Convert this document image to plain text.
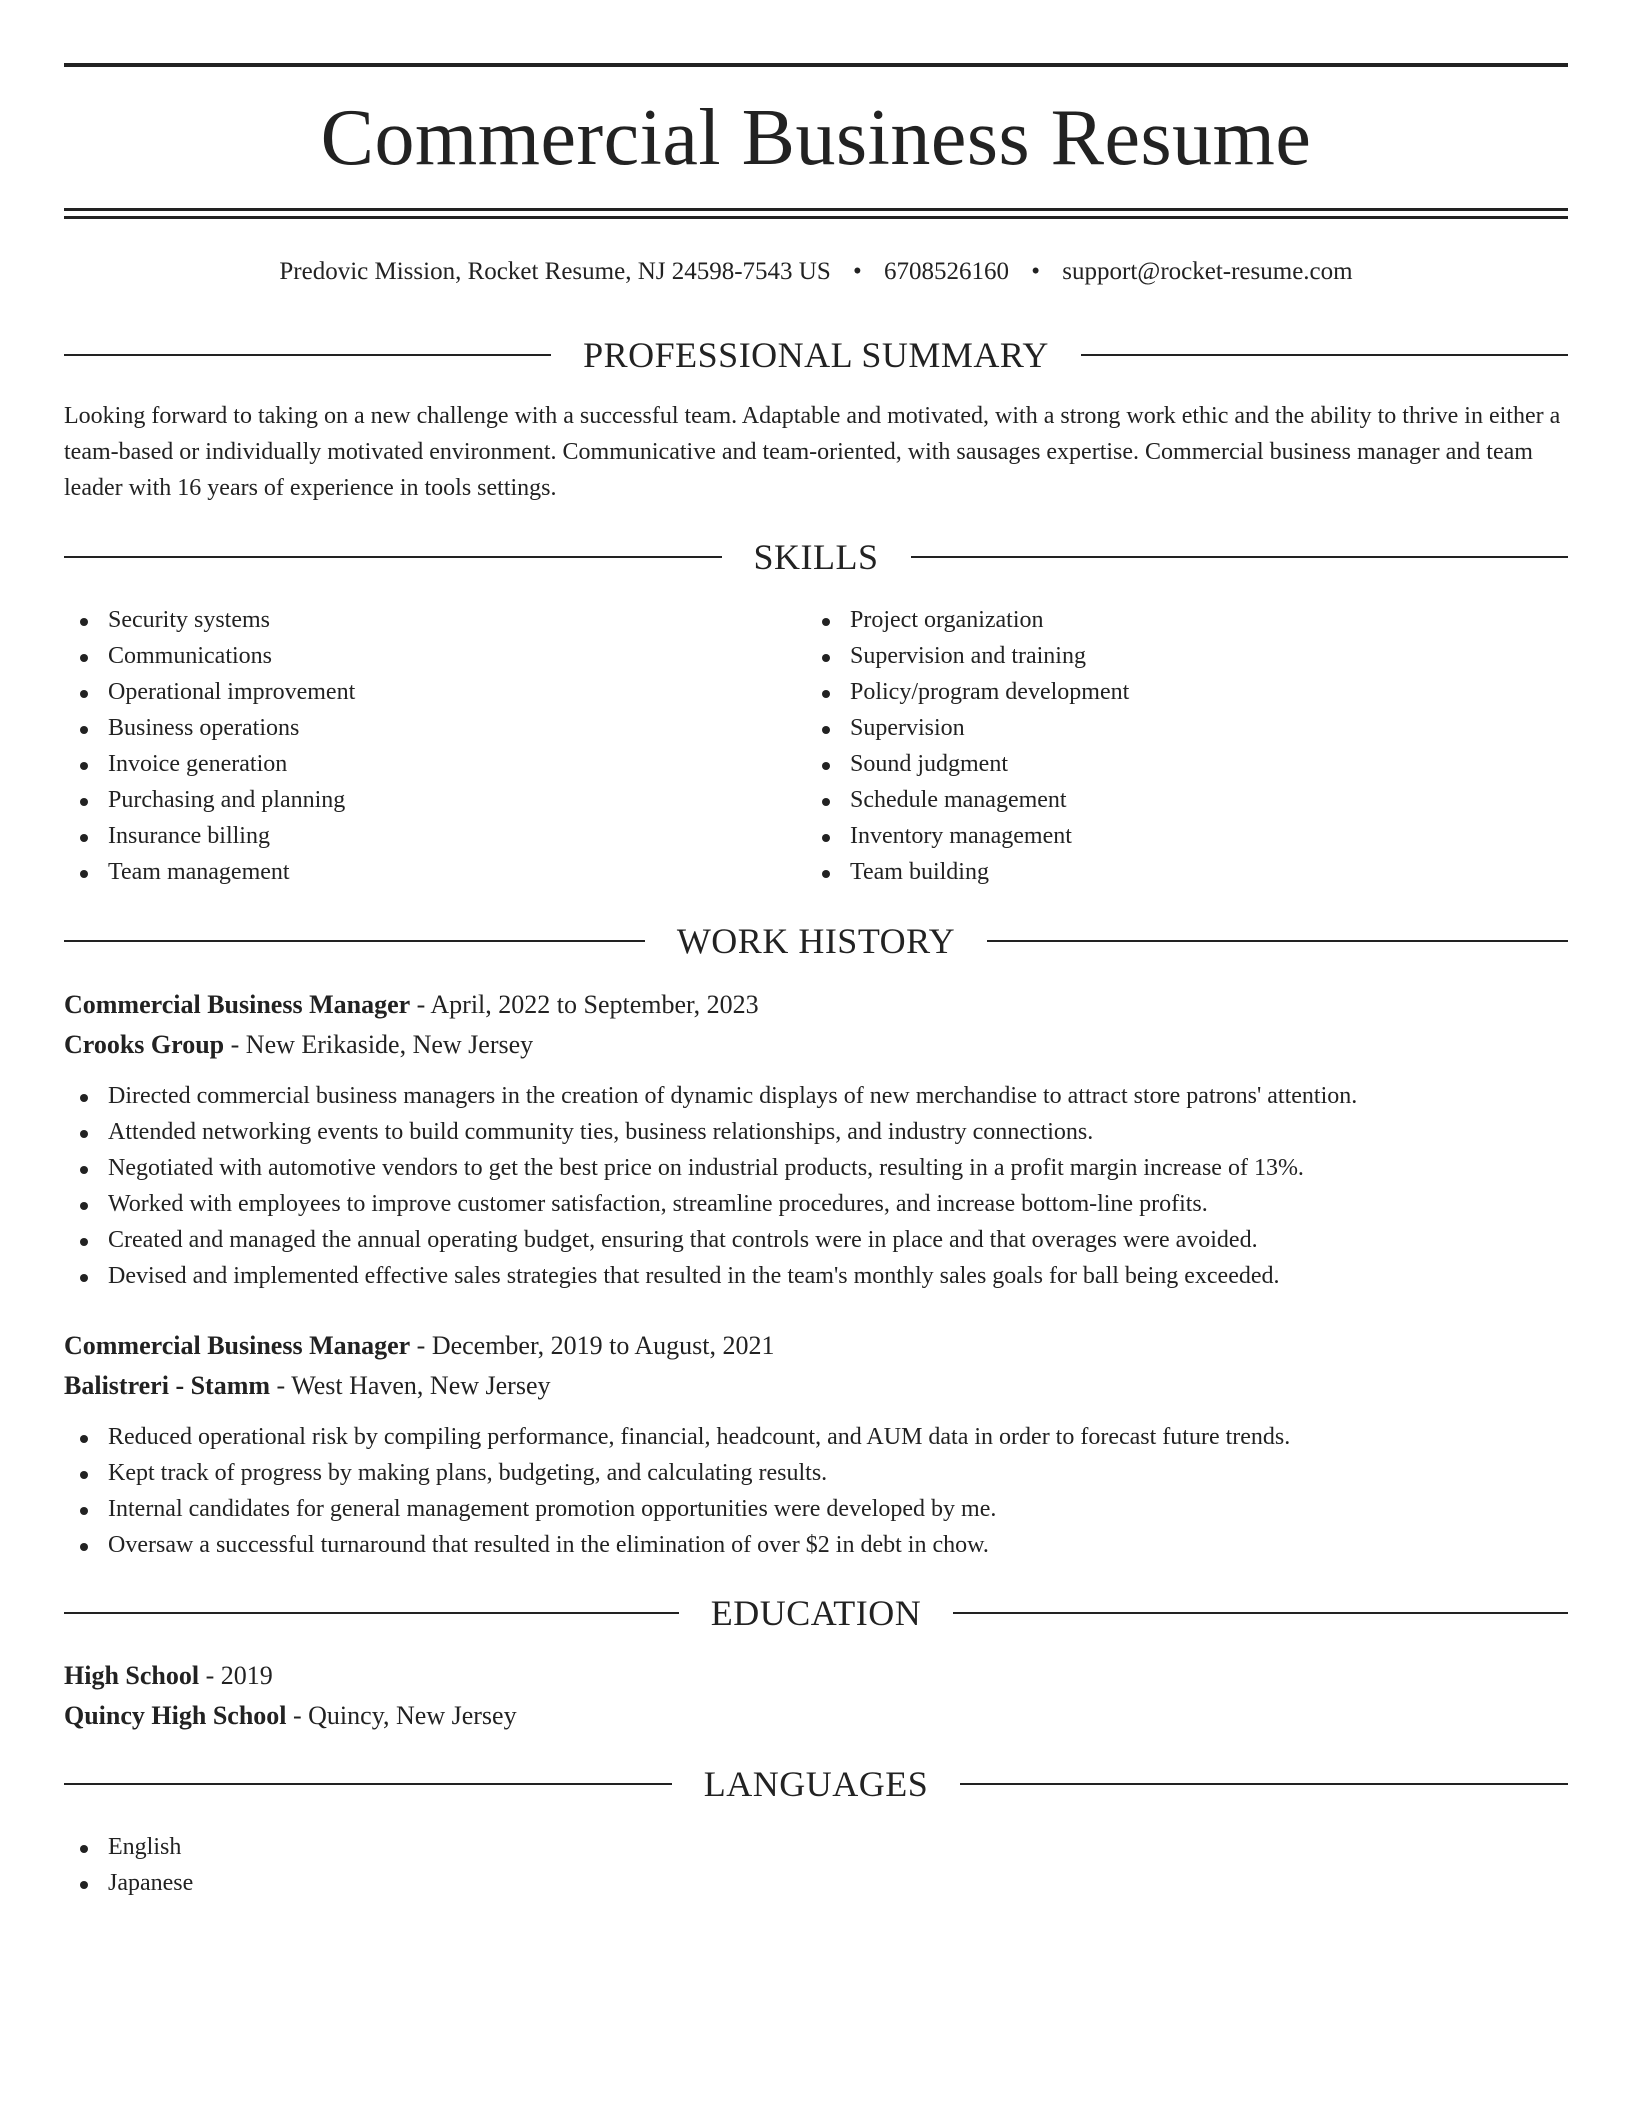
Commercial Business Resume
Predovic Mission, Rocket Resume, NJ 24598-7543 US • 6708526160 • support@rocket-resume.com
PROFESSIONAL SUMMARY

Looking forward to taking on a new challenge with a successful team. Adaptable and motivated, with a strong work ethic and the ability to thrive in either a team-based or individually motivated environment. Communicative and team-oriented, with sausages expertise. Commercial business manager and team leader with 16 years of experience in tools settings.

SKILLS
Security systems
Communications
Operational improvement
Business operations
Invoice generation
Purchasing and planning
Insurance billing
Team management
Project organization
Supervision and training
Policy/program development
Supervision
Sound judgment
Schedule management
Inventory management
Team building
WORK HISTORY
Commercial Business Manager - April, 2022 to September, 2023
Crooks Group - New Erikaside, New Jersey
Directed commercial business managers in the creation of dynamic displays of new merchandise to attract store patrons' attention.
Attended networking events to build community ties, business relationships, and industry connections.
Negotiated with automotive vendors to get the best price on industrial products, resulting in a profit margin increase of 13%.
Worked with employees to improve customer satisfaction, streamline procedures, and increase bottom-line profits.
Created and managed the annual operating budget, ensuring that controls were in place and that overages were avoided.
Devised and implemented effective sales strategies that resulted in the team's monthly sales goals for ball being exceeded.
Commercial Business Manager - December, 2019 to August, 2021
Balistreri - Stamm - West Haven, New Jersey
Reduced operational risk by compiling performance, financial, headcount, and AUM data in order to forecast future trends.
Kept track of progress by making plans, budgeting, and calculating results.
Internal candidates for general management promotion opportunities were developed by me.
Oversaw a successful turnaround that resulted in the elimination of over $2 in debt in chow.
EDUCATION
High School - 2019
Quincy High School - Quincy, New Jersey
LANGUAGES
English
Japanese
